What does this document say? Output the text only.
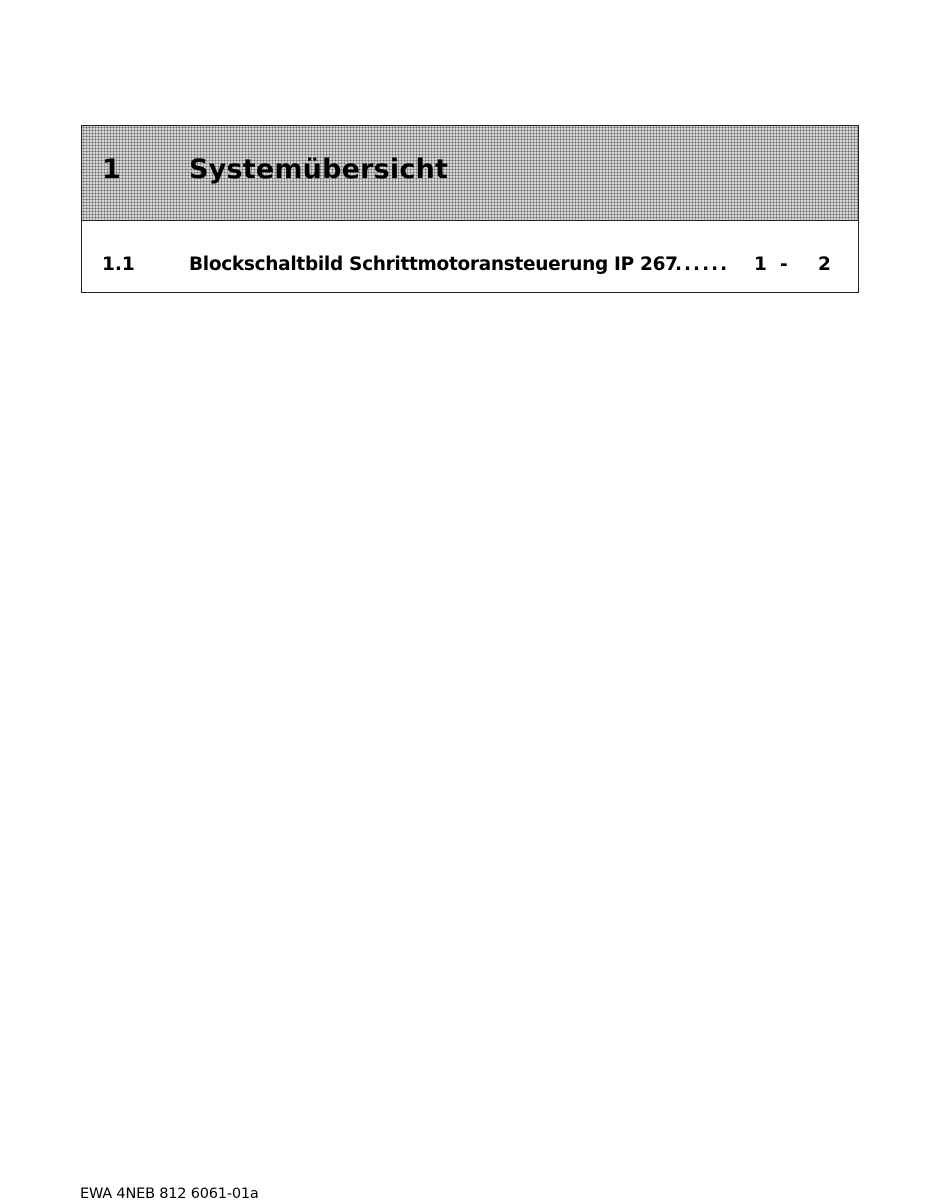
1	Systemübersicht
1.1	Blockschaltbild Schrittmotoransteuerung IP 267
...... 1 - 2
EWA 4NEB 812 6061-01a
